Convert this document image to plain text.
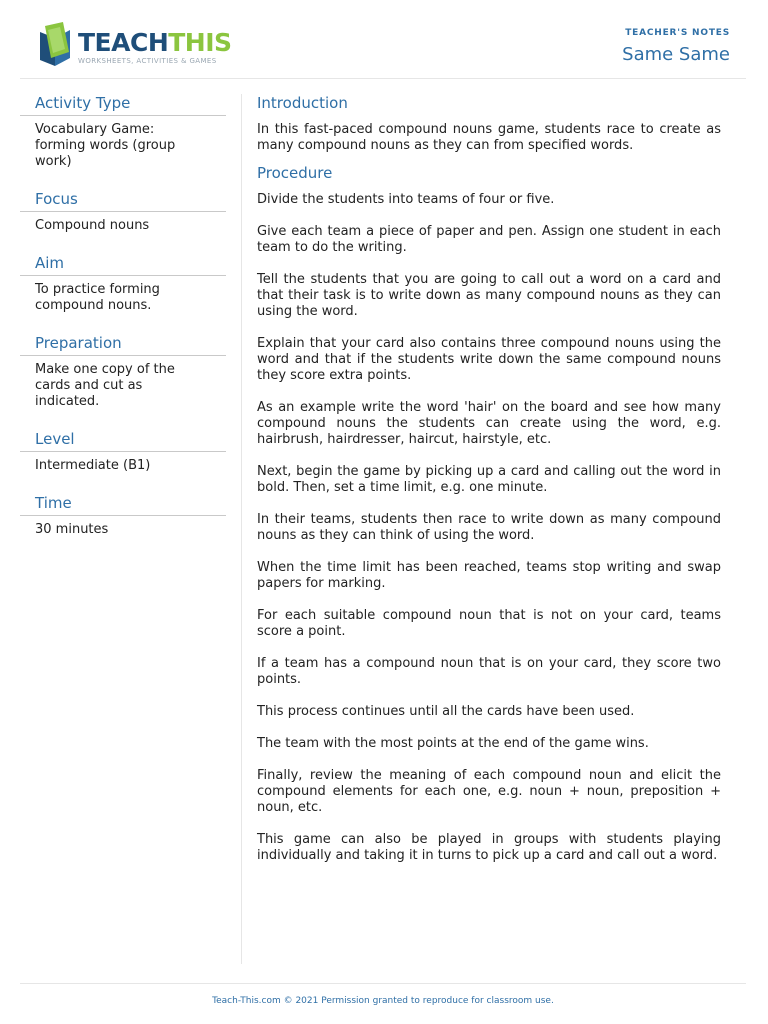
TEACHTHIS
WORKSHEETS, ACTIVITIES & GAMES
TEACHER'S NOTES
Same Same
Activity Type
Vocabulary Game: forming words (group work)
Focus
Compound nouns
Aim
To practice forming compound nouns.
Preparation
Make one copy of the cards and cut as indicated.
Level
Intermediate (B1)
Time
30 minutes
Introduction
In this fast-paced compound nouns game, students race to create as many compound nouns as they can from specified words.
Procedure

Divide the students into teams of four or five.

Give each team a piece of paper and pen. Assign one student in each team to do the writing.

Tell the students that you are going to call out a word on a card and that their task is to write down as many compound nouns as they can using the word.

Explain that your card also contains three compound nouns using the word and that if the students write down the same compound nouns they score extra points.

As an example write the word 'hair' on the board and see how many compound nouns the students can create using the word, e.g. hairbrush, hairdresser, haircut, hairstyle, etc.

Next, begin the game by picking up a card and calling out the word in bold. Then, set a time limit, e.g. one minute.

In their teams, students then race to write down as many compound nouns as they can think of using the word.

When the time limit has been reached, teams stop writing and swap papers for marking.

For each suitable compound noun that is not on your card, teams score a point.

If a team has a compound noun that is on your card, they score two points.

This process continues until all the cards have been used.

The team with the most points at the end of the game wins.

Finally, review the meaning of each compound noun and elicit the compound elements for each one, e.g. noun + noun, preposition + noun, etc.

This game can also be played in groups with students playing individually and taking it in turns to pick up a card and call out a word.

Teach-This.com © 2021 Permission granted to reproduce for classroom use.
